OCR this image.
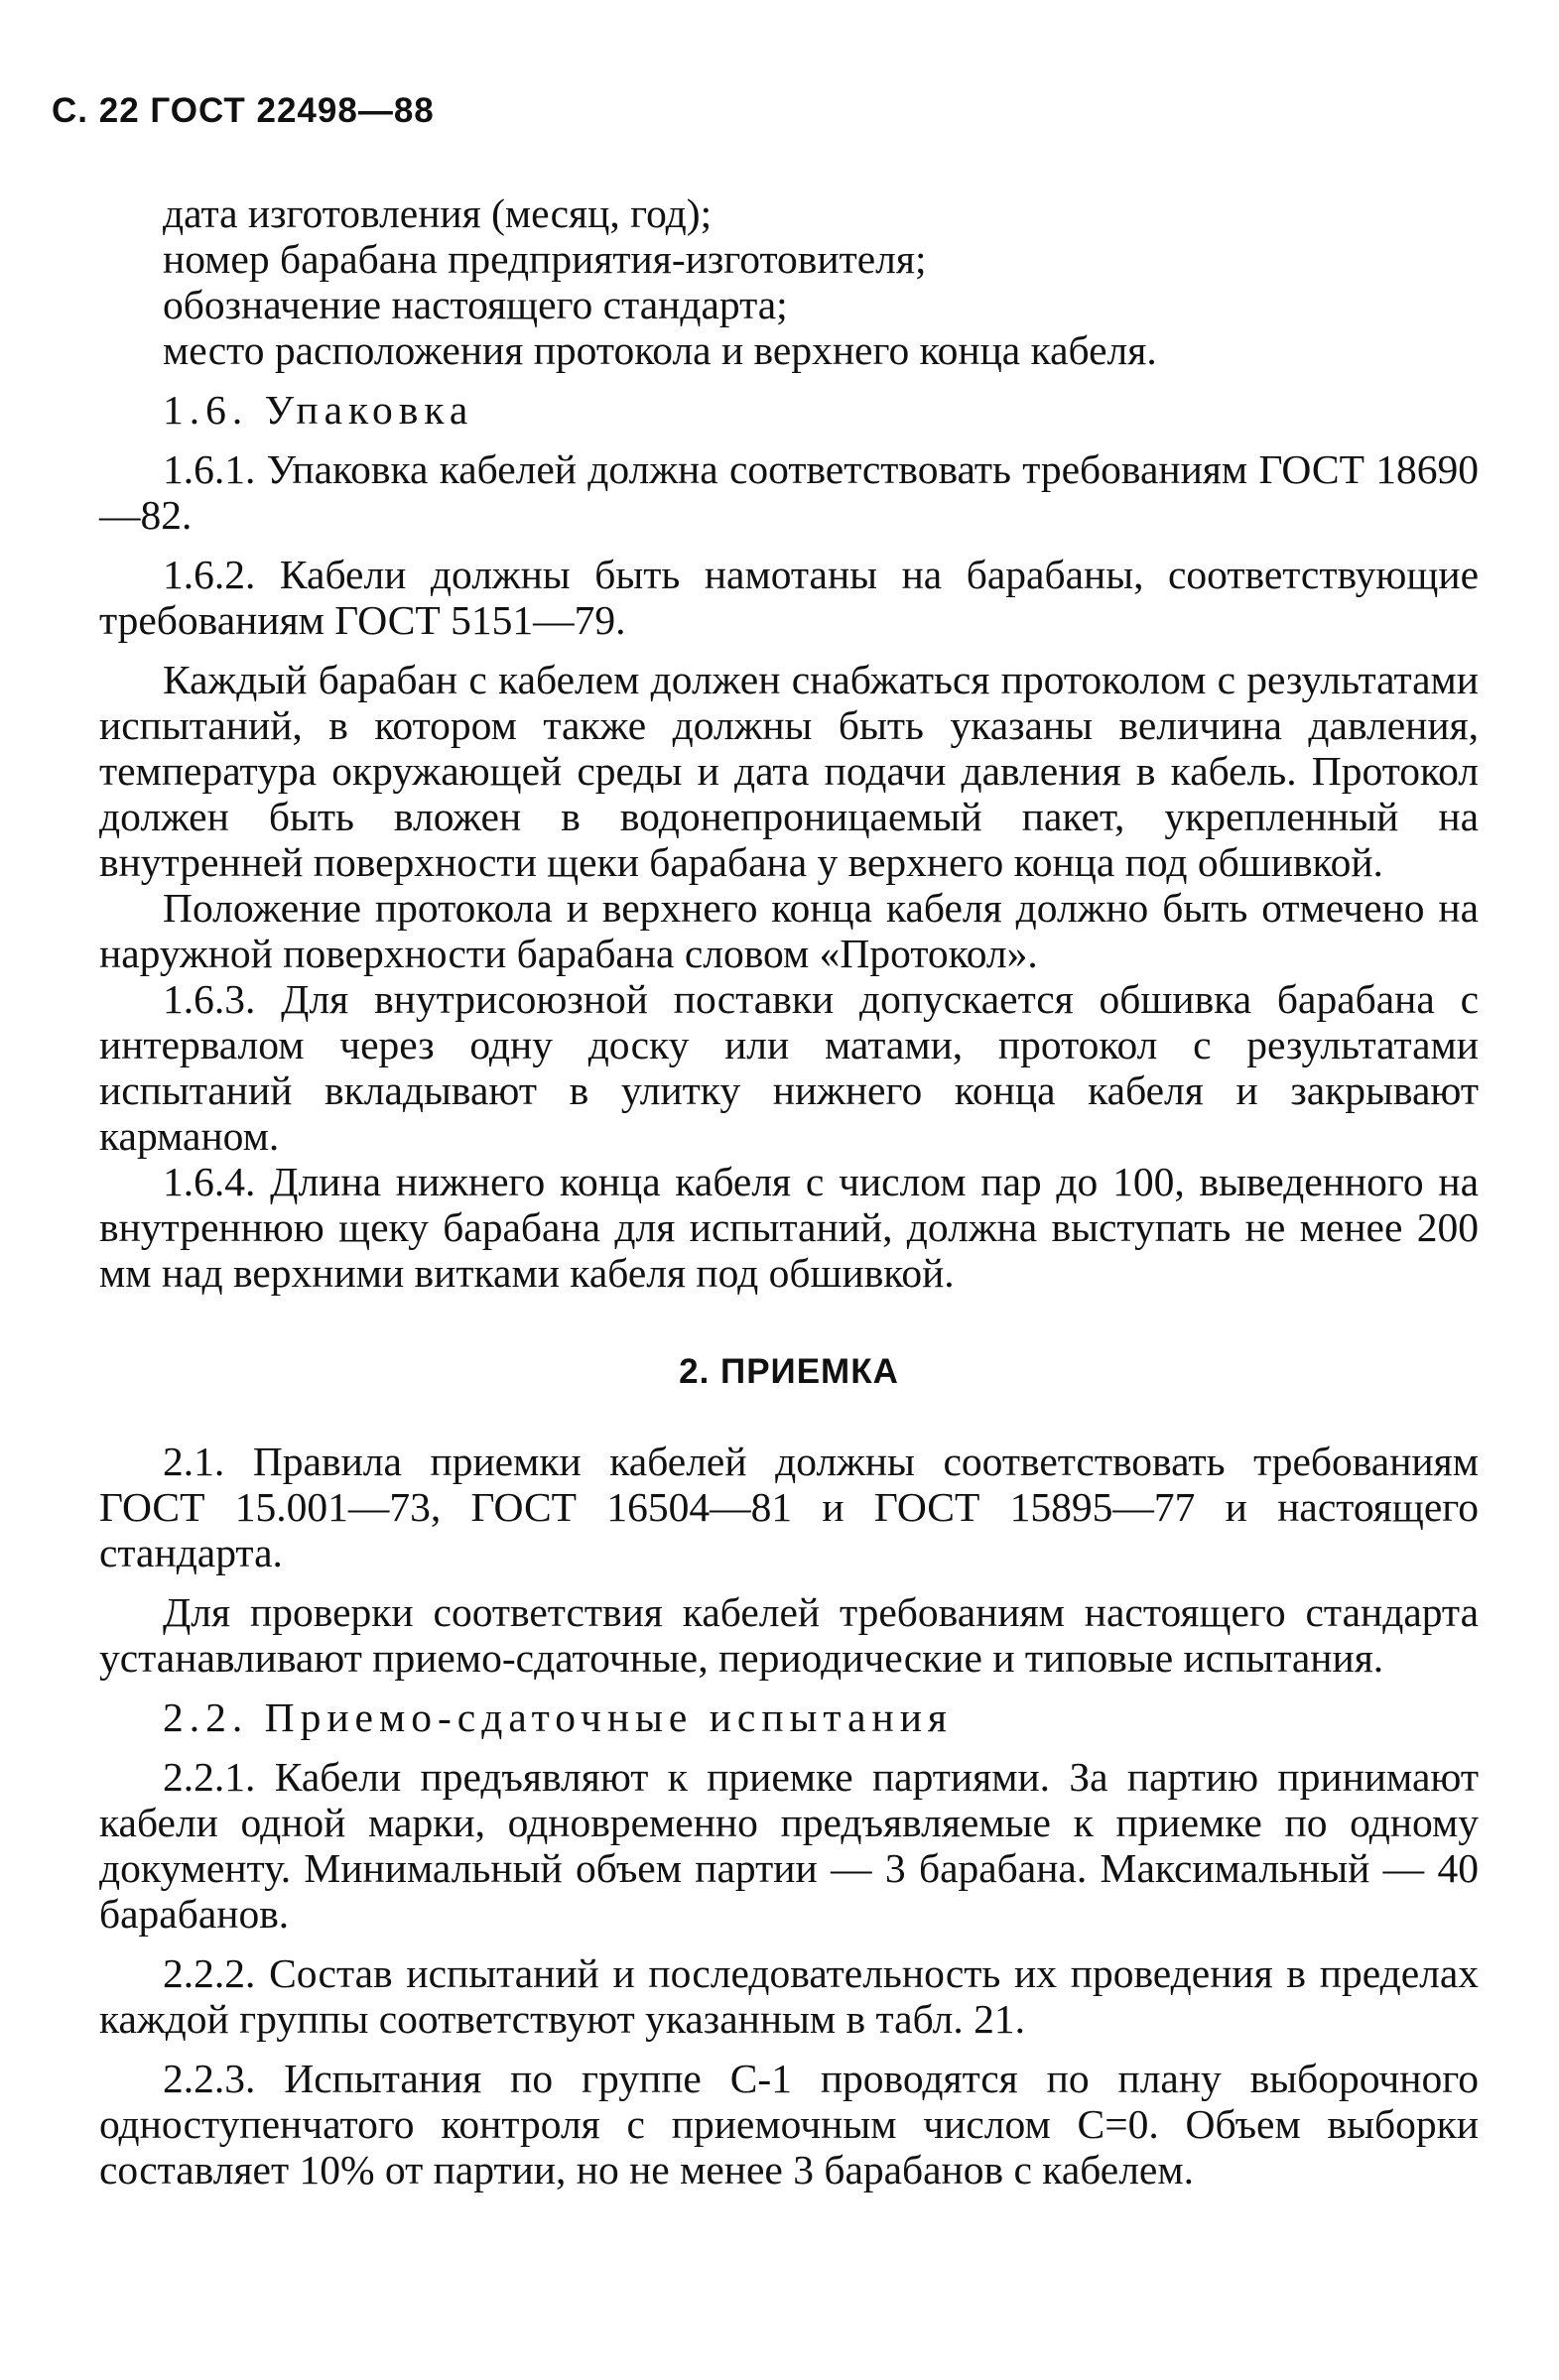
С. 22 ГОСТ 22498—88

дата изготовления (месяц, год);

номер барабана предприятия-изготовителя;

обозначение настоящего стандарта;

место расположения протокола и верхнего конца кабеля.

1.6. Упаковка

1.6.1. Упаковка кабелей должна соответствовать требованиям ГОСТ 18690—82.

1.6.2. Кабели должны быть намотаны на барабаны, соответствующие требованиям ГОСТ 5151—79.

Каждый барабан с кабелем должен снабжаться протоколом с результатами испытаний, в котором также должны быть указаны величина давления, температура окружающей среды и дата подачи давления в кабель. Протокол должен быть вложен в водонепроницаемый пакет, укрепленный на внутренней поверхности щеки барабана у верхнего конца под обшивкой.

Положение протокола и верхнего конца кабеля должно быть отмечено на наружной поверхности барабана словом «Протокол».

1.6.3. Для внутрисоюзной поставки допускается обшивка барабана с интервалом через одну доску или матами, протокол с результатами испытаний вкладывают в улитку нижнего конца кабеля и закрывают карманом.

1.6.4. Длина нижнего конца кабеля с числом пар до 100, выведенного на внутреннюю щеку барабана для испытаний, должна выступать не менее 200 мм над верхними витками кабеля под обшивкой.

2. ПРИЕМКА

2.1. Правила приемки кабелей должны соответствовать требованиям ГОСТ 15.001—73, ГОСТ 16504—81 и ГОСТ 15895—77 и настоящего стандарта.

Для проверки соответствия кабелей требованиям настоящего стандарта устанавливают приемо-сдаточные, периодические и типовые испытания.

2.2. Приемо-сдаточные испытания

2.2.1. Кабели предъявляют к приемке партиями. За партию принимают кабели одной марки, одновременно предъявляемые к приемке по одному документу. Минимальный объем партии — 3 барабана. Максимальный — 40 барабанов.

2.2.2. Состав испытаний и последовательность их проведения в пределах каждой группы соответствуют указанным в табл. 21.

2.2.3. Испытания по группе С-1 проводятся по плану выборочного одноступенчатого контроля с приемочным числом С=0. Объем выборки составляет 10% от партии, но не менее 3 барабанов с кабелем.
